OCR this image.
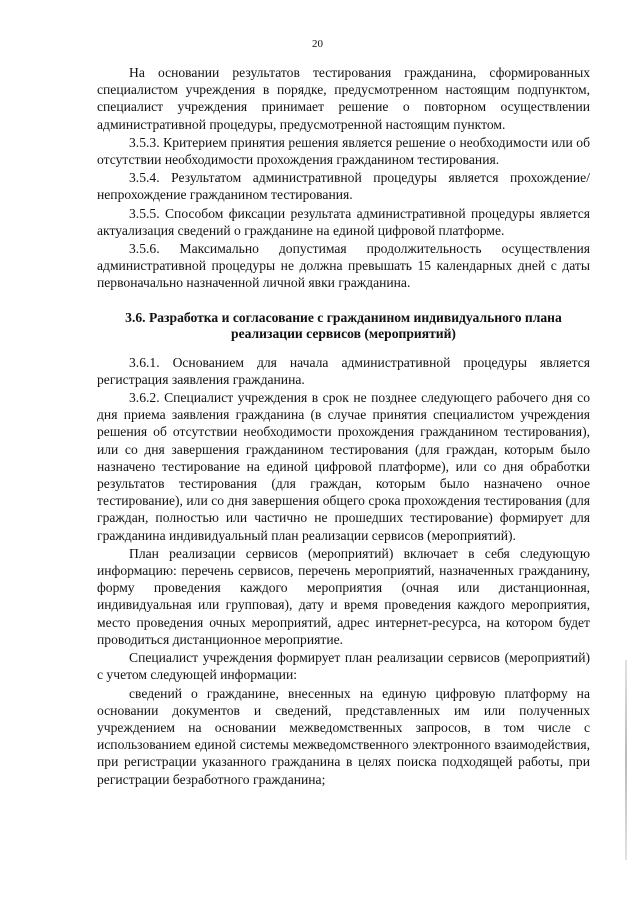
20

На основании результатов тестирования гражданина, сформированных специалистом учреждения в порядке, предусмотренном настоящим подпунктом, специалист учреждения принимает решение о повторном осуществлении административной процедуры, предусмотренной настоящим пунктом.

3.5.3. Критерием принятия решения является решение о необходимости или об отсутствии необходимости прохождения гражданином тестирования.

3.5.4. Результатом административной процедуры является прохождение/непрохождение гражданином тестирования.

3.5.5. Способом фиксации результата административной процедуры является актуализация сведений о гражданине на единой цифровой платформе.

3.5.6. Максимально допустимая продолжительность осуществления административной процедуры не должна превышать 15 календарных дней с даты первоначально назначенной личной явки гражданина.

3.6. Разработка и согласование с гражданином индивидуального плана реализации сервисов (мероприятий)

3.6.1. Основанием для начала административной процедуры является регистрация заявления гражданина.

3.6.2. Специалист учреждения в срок не позднее следующего рабочего дня со дня приема заявления гражданина (в случае принятия специалистом учреждения решения об отсутствии необходимости прохождения гражданином тестирования), или со дня завершения гражданином тестирования (для граждан, которым было назначено тестирование на единой цифровой платформе), или со дня обработки результатов тестирования (для граждан, которым было назначено очное тестирование), или со дня завершения общего срока прохождения тестирования (для граждан, полностью или частично не прошедших тестирование) формирует для гражданина индивидуальный план реализации сервисов (мероприятий).

План реализации сервисов (мероприятий) включает в себя следующую информацию: перечень сервисов, перечень мероприятий, назначенных гражданину, форму проведения каждого мероприятия (очная или дистанционная, индивидуальная или групповая), дату и время проведения каждого мероприятия, место проведения очных мероприятий, адрес интернет-ресурса, на котором будет проводиться дистанционное мероприятие.

Специалист учреждения формирует план реализации сервисов (мероприятий) с учетом следующей информации:

сведений о гражданине, внесенных на единую цифровую платформу на основании документов и сведений, представленных им или полученных учреждением на основании межведомственных запросов, в том числе с использованием единой системы межведомственного электронного взаимодействия, при регистрации указанного гражданина в целях поиска подходящей работы, при регистрации безработного гражданина;
